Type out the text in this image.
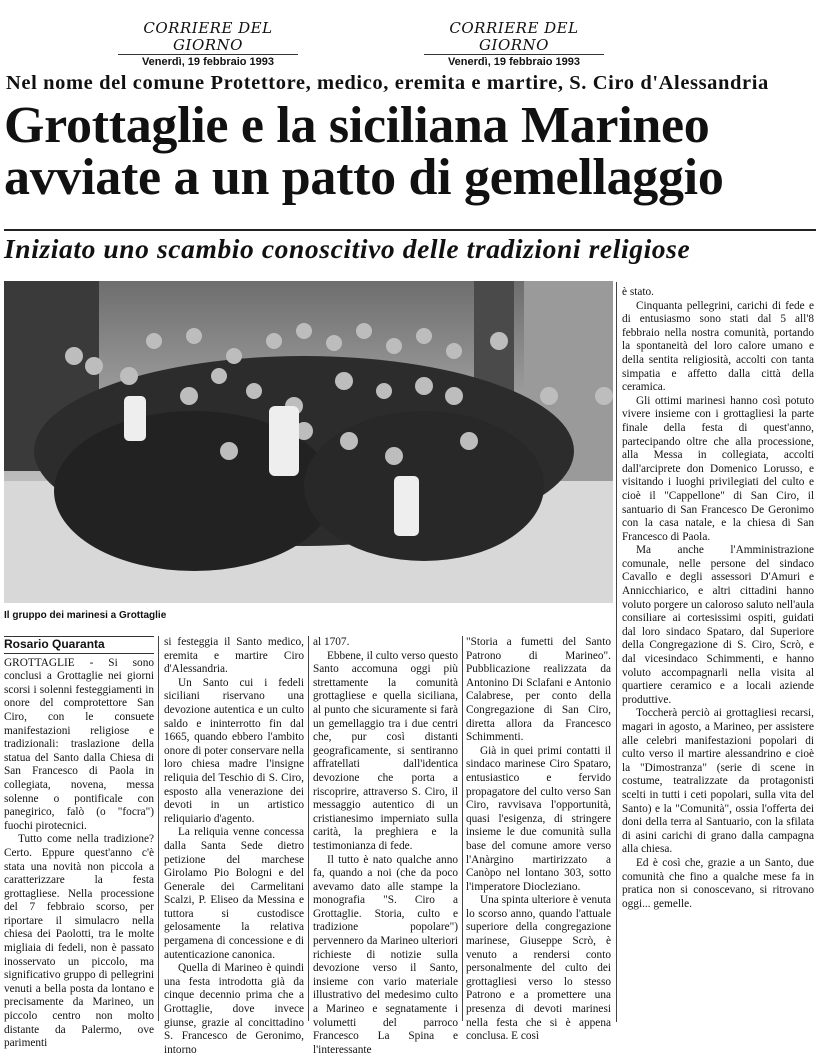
CORRIERE DEL GIORNO
Venerdì, 19 febbraio 1993
CORRIERE DEL GIORNO
Venerdì, 19 febbraio 1993
Nel nome del comune Protettore, medico, eremita e martire, S. Ciro d'Alessandria
Grottaglie e la siciliana Marineo
avviate a un patto di gemellaggio
Iniziato uno scambio conoscitivo delle tradizioni religiose
Il gruppo dei marinesi a Grottaglie
Rosario Quaranta

GROTTAGLIE - Si sono conclusi a Grottaglie nei giorni scorsi i solenni festeggiamenti in onore del comprotettore San Ciro, con le consuete manifestazioni religiose e tradizionali: traslazione della statua del Santo dalla Chiesa di San Francesco di Paola in collegiata, novena, messa solenne o pontificale con panegirico, falò (o "focra") fuochi pirotecnici.

Tutto come nella tradizione? Certo. Eppure quest'anno c'è stata una novità non piccola a caratterizzare la festa grottagliese. Nella processione del 7 febbraio scorso, per riportare il simulacro nella chiesa dei Paolotti, tra le molte migliaia di fedeli, non è passato inosservato un piccolo, ma significativo gruppo di pellegrini venuti a bella posta da lontano e precisamente da Marineo, un piccolo centro non molto distante da Palermo, ove parimenti

si festeggia il Santo medico, eremita e martire Ciro d'Alessandria.

Un Santo cui i fedeli siciliani riservano una devozione autentica e un culto saldo e ininterrotto fin dal 1665, quando ebbero l'ambito onore di poter conservare nella loro chiesa madre l'insigne reliquia del Teschio di S. Ciro, esposto alla venerazione dei devoti in un artistico reliquiario d'agento.

La reliquia venne concessa dalla Santa Sede dietro petizione del marchese Girolamo Pio Bologni e del Generale dei Carmelitani Scalzi, P. Eliseo da Messina e tuttora si custodisce gelosamente la relativa pergamena di concessione e di autenticazione canonica.

Quella di Marineo è quindi una festa introdotta già da cinque decennio prima che a Grottaglie, dove invece giunse, grazie al concittadino S. Francesco de Geronimo, intorno

al 1707.

Ebbene, il culto verso questo Santo accomuna oggi più strettamente la comunità grottagliese e quella siciliana, al punto che sicuramente si farà un gemellaggio tra i due centri che, pur così distanti geograficamente, si sentiranno affratellati dall'identica devozione che porta a riscoprire, attraverso S. Ciro, il messaggio autentico di un cristianesimo imperniato sulla carità, la preghiera e la testimonianza di fede.

Il tutto è nato qualche anno fa, quando a noi (che da poco avevamo dato alle stampe la monografia "S. Ciro a Grottaglie. Storia, culto e tradizione popolare") pervennero da Marineo ulteriori richieste di notizie sulla devozione verso il Santo, insieme con vario materiale illustrativo del medesimo culto a Marineo e segnatamente i volumetti del parroco Francesco La Spina e l'interessante

"Storia a fumetti del Santo Patrono di Marineo". Pubblicazione realizzata da Antonino Di Sclafani e Antonio Calabrese, per conto della Congregazione di San Ciro, diretta allora da Francesco Schimmenti.

Già in quei primi contatti il sindaco marinese Ciro Spataro, entusiastico e fervido propagatore del culto verso San Ciro, ravvisava l'opportunità, quasi l'esigenza, di stringere insieme le due comunità sulla base del comune amore verso l'Anàrgino martirizzato a Canòpo nel lontano 303, sotto l'imperatore Diocleziano.

Una spinta ulteriore è venuta lo scorso anno, quando l'attuale superiore della congregazione marinese, Giuseppe Scrò, è venuto a rendersi conto personalmente del culto dei grottagliesi verso lo stesso Patrono e a promettere una presenza di devoti marinesi nella festa che si è appena conclusa. E così

è stato.

Cinquanta pellegrini, carichi di fede e di entusiasmo sono stati dal 5 all'8 febbraio nella nostra comunità, portando la spontaneità del loro calore umano e della sentita religiosità, accolti con tanta simpatia e affetto dalla città della ceramica.

Gli ottimi marinesi hanno così potuto vivere insieme con i grottagliesi la parte finale della festa di quest'anno, partecipando oltre che alla processione, alla Messa in collegiata, accolti dall'arciprete don Domenico Lorusso, e visitando i luoghi privilegiati del culto e cioè il "Cappellone" di San Ciro, il santuario di San Francesco De Geronimo con la casa natale, e la chiesa di San Francesco di Paola.

Ma anche l'Amministrazione comunale, nelle persone del sindaco Cavallo e degli assessori D'Amuri e Annicchiarico, e altri cittadini hanno voluto porgere un caloroso saluto nell'aula consiliare ai cortesissimi ospiti, guidati dal loro sindaco Spataro, dal Superiore della Congregazione di S. Ciro, Scrò, e dal vicesindaco Schimmenti, e hanno voluto accompagnarli nella visita al quartiere ceramico e a locali aziende produttive.

Toccherà perciò ai grottagliesi recarsi, magari in agosto, a Marineo, per assistere alle celebri manifestazioni popolari di culto verso il martire alessandrino e cioè la "Dimostranza" (serie di scene in costume, teatralizzate da protagonisti scelti in tutti i ceti popolari, sulla vita del Santo) e la "Comunità", ossia l'offerta dei doni della terra al Santuario, con la sfilata di asini carichi di grano dalla campagna alla chiesa.

Ed è così che, grazie a un Santo, due comunità che fino a qualche mese fa in pratica non si conoscevano, si ritrovano oggi... gemelle.
